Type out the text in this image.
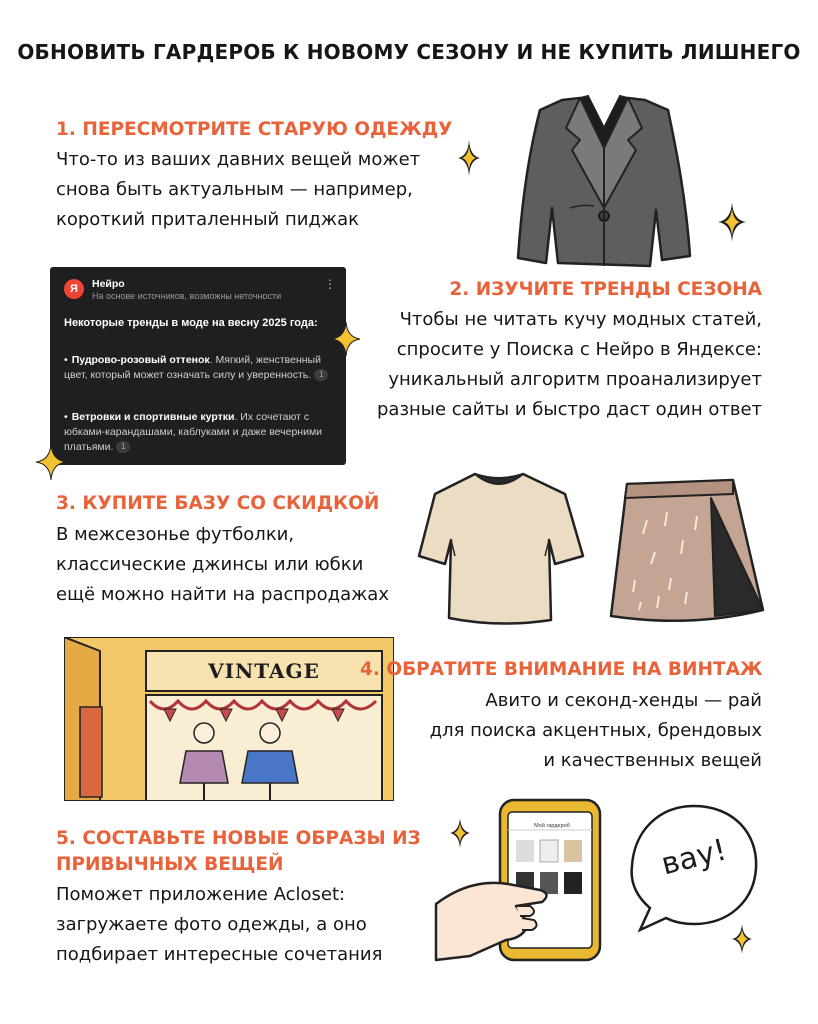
ОБНОВИТЬ ГАРДЕРОБ К НОВОМУ СЕЗОНУ И НЕ КУПИТЬ ЛИШНЕГО
1. ПЕРЕСМОТРИТЕ СТАРУЮ ОДЕЖДУ
Что-то из ваших давних вещей может
снова быть актуальным — например,
короткий приталенный пиджак
2. ИЗУЧИТЕ ТРЕНДЫ СЕЗОНА
Чтобы не читать кучу модных статей,
спросите у Поиска с Нейро в Яндексе:
уникальный алгоритм проанализирует
разные сайты и быстро даст один ответ
Я	Нейро
На основе источников, возможны неточности
⋮
Некоторые тренды в моде на весну 2025 года:
• Пудрово-розовый оттенок. Мягкий, женственный цвет, который может означать силу и уверенность. 1
• Ветровки и спортивные куртки. Их сочетают с юбками-карандашами, каблуками и даже вечерними платьями. 1
3. КУПИТЕ БАЗУ СО СКИДКОЙ
В межсезонье футболки,
классические джинсы или юбки
ещё можно найти на распродажах
VINTAGE	4. ОБРАТИТЕ ВНИМАНИЕ НА ВИНТАЖ
Авито и секонд-хенды — рай
для поиска акцентных, брендовых
и качественных вещей
5. СОСТАВЬТЕ НОВЫЕ ОБРАЗЫ ИЗ
ПРИВЫЧНЫХ ВЕЩЕЙ
Поможет приложение Acloset:
загружаете фото одежды, а оно
подбирает интересные сочетания
Мой гардероб
вау!
